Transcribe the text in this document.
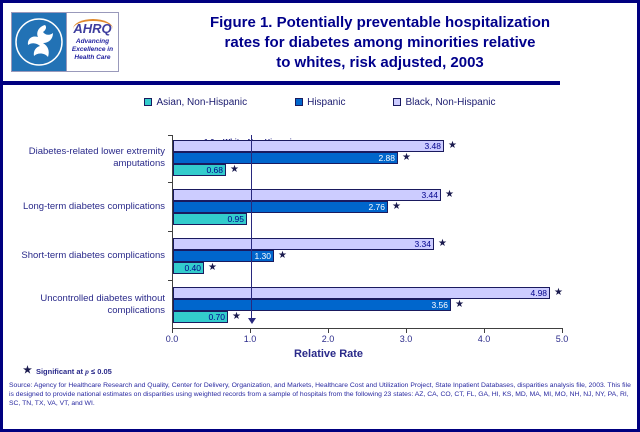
AHRQ
Advancing
Excellence in
Health Care
Figure 1. Potentially preventable hospitalization
rates for diabetes among minorities relative
to whites, risk adjusted, 2003
Asian, Non-Hispanic	Hispanic	Black, Non-Hispanic
Diabetes-related lower extremity amputations
3.48 ★
2.88 ★
0.68 ★
Long-term diabetes complications
3.44 ★
2.76 ★
0.95
Short-term diabetes complications
3.34 ★
1.30 ★
0.40 ★
Uncontrolled diabetes without complications
4.98 ★
3.56 ★
0.70 ★
0.0	1.0	2.0	3.0	4.0	5.0
Relative Rate
★ Significant at p ≤ 0.05
Source: Agency for Healthcare Research and Quality, Center for Delivery, Organization, and Markets, Healthcare Cost and Utilization Project, State Inpatient Databases, disparities analysis file, 2003. This file is designed to provide national estimates on disparities using weighted records from a sample of hospitals from the following 23 states: AZ, CA, CO, CT, FL, GA, HI, KS, MD, MA, MI, MO, NH, NJ, NY, PA, RI, SC, TN, TX, VA, VT, and WI.
